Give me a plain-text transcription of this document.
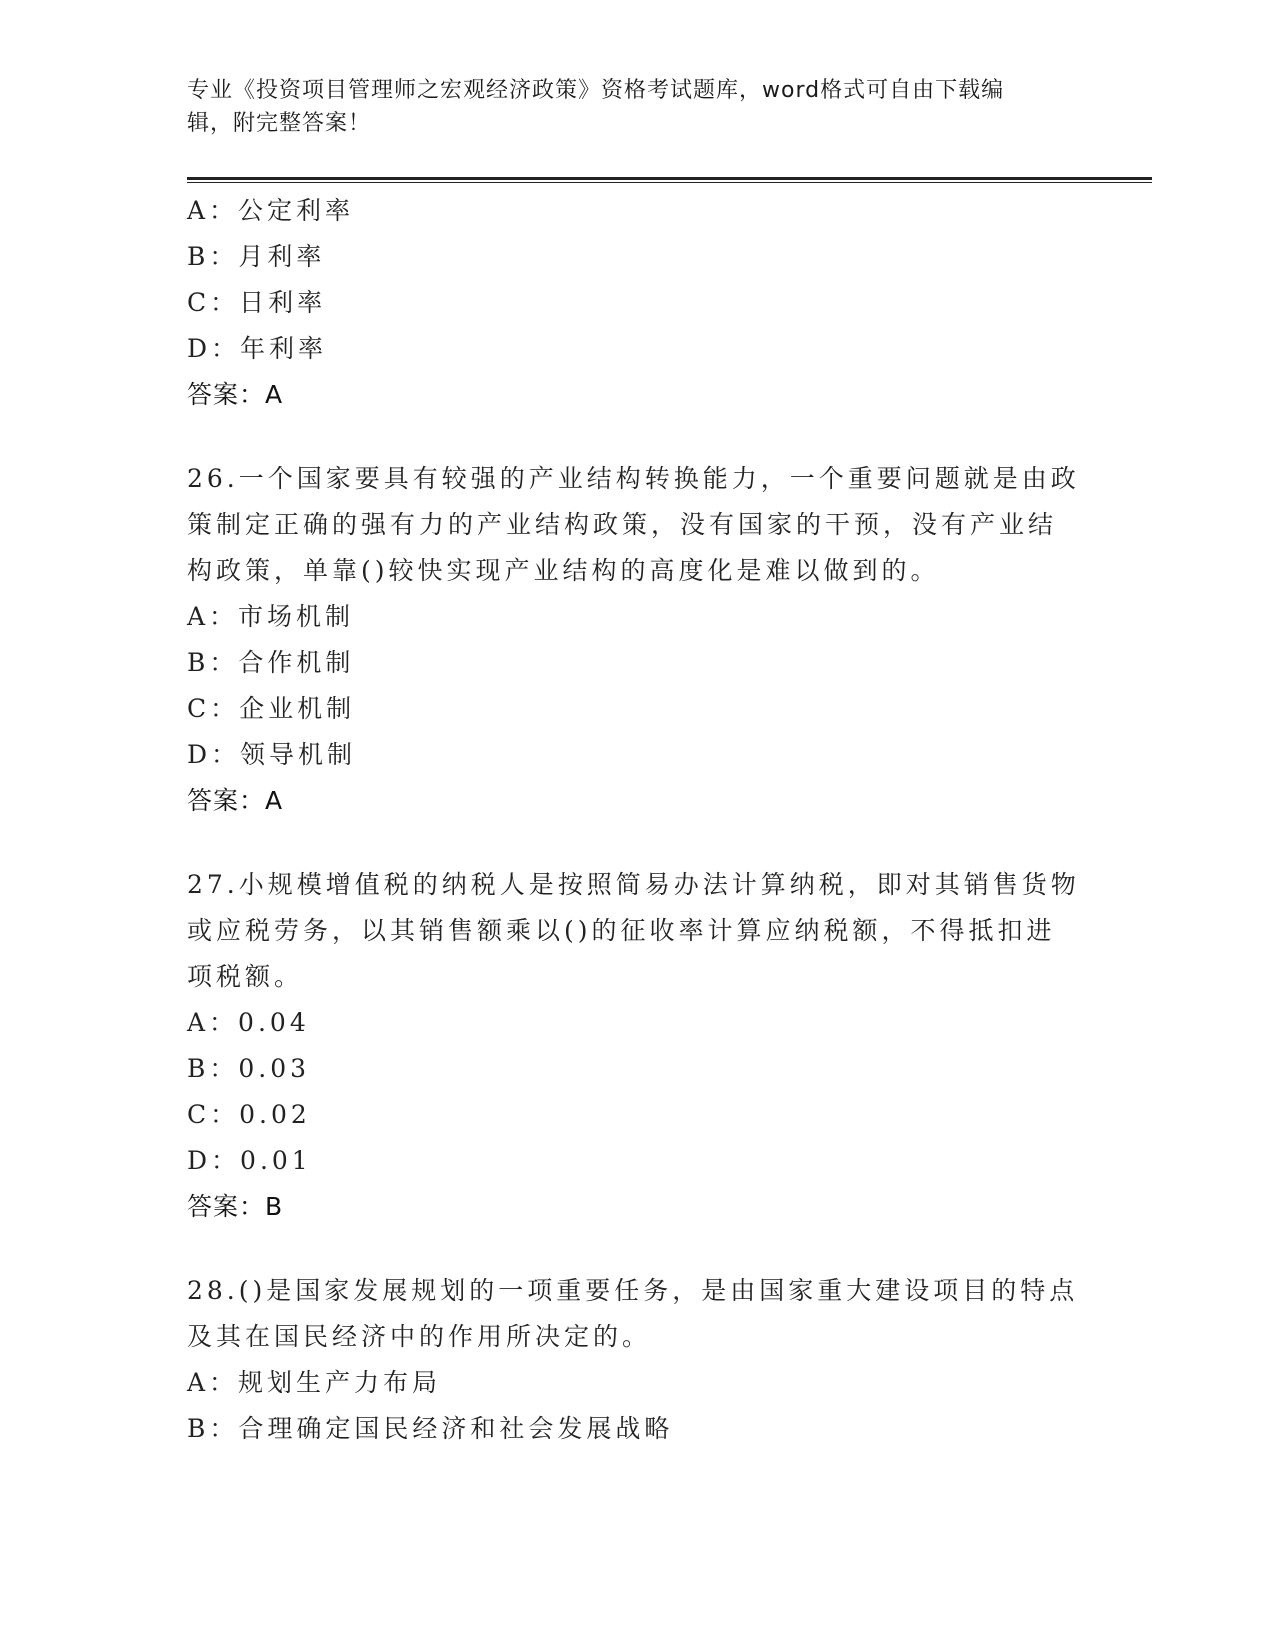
专业《投资项目管理师之宏观经济政策》资格考试题库，word格式可自由下载编
辑，附完整答案！
A：公定利率
B：月利率
C：日利率
D：年利率
答案：A
26.一个国家要具有较强的产业结构转换能力，一个重要问题就是由政
策制定正确的强有力的产业结构政策，没有国家的干预，没有产业结
构政策，单靠()较快实现产业结构的高度化是难以做到的。
A：市场机制
B：合作机制
C：企业机制
D：领导机制
答案：A
27.小规模增值税的纳税人是按照简易办法计算纳税，即对其销售货物
或应税劳务，以其销售额乘以()的征收率计算应纳税额，不得抵扣进
项税额。
A：0.04
B：0.03
C：0.02
D：0.01
答案：B
28.()是国家发展规划的一项重要任务，是由国家重大建设项目的特点
及其在国民经济中的作用所决定的。
A：规划生产力布局
B：合理确定国民经济和社会发展战略
